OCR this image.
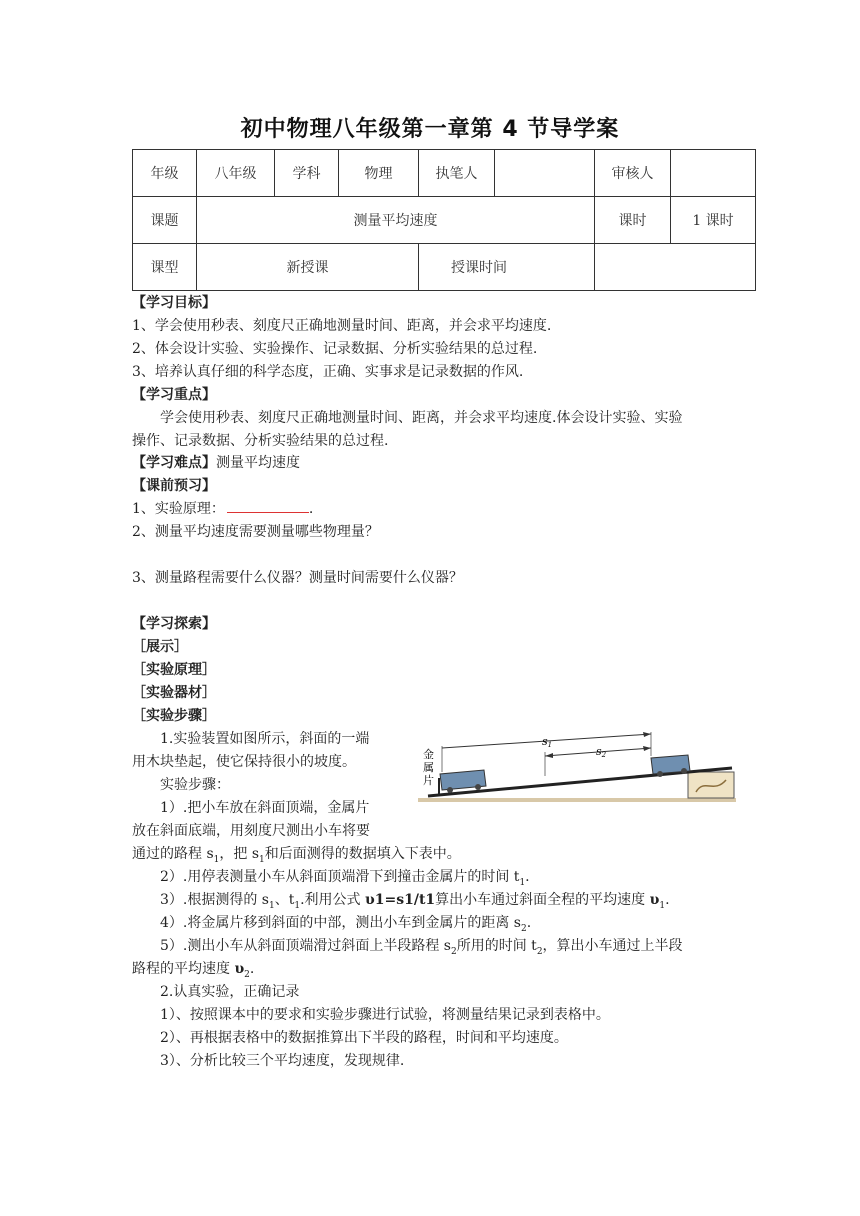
初中物理八年级第一章第 4 节导学案
年级	八年级	学科	物理	执笔人		审核人	
课题	测量平均速度					课时	1 课时
课型	新授课			授课时间			
【学习目标】
1、学会使用秒表、刻度尺正确地测量时间、距离，并会求平均速度.
2、体会设计实验、实验操作、记录数据、分析实验结果的总过程.
3、培养认真仔细的科学态度，正确、实事求是记录数据的作风.
【学习重点】
学会使用秒表、刻度尺正确地测量时间、距离，并会求平均速度.体会设计实验、实验
操作、记录数据、分析实验结果的总过程.
【学习难点】测量平均速度
【课前预习】
1、实验原理：	.
2、测量平均速度需要测量哪些物理量？
3、测量路程需要什么仪器？测量时间需要什么仪器？
【学习探索】
［展示］
［实验原理］
［实验器材］
［实验步骤］
1.实验装置如图所示，斜面的一端
用木块垫起，使它保持很小的坡度。
实验步骤：
1）.把小车放在斜面顶端，金属片
放在斜面底端，用刻度尺测出小车将要
通过的路程 $s_1$，把 $s_1$和后面测得的数据填入下表中。
2）.用停表测量小车从斜面顶端滑下到撞击金属片的时间 $t_1$.
3）.根据测得的 $s_1$、$t_1$.利用公式 υ1=s1/t1算出小车通过斜面全程的平均速度 $\upsilon_1$.
4）.将金属片移到斜面的中部，测出小车到金属片的距离 $s_2$.
5）.测出小车从斜面顶端滑过斜面上半段路程 $s_2$所用的时间 $t_2$，算出小车通过上半段
路程的平均速度 $\upsilon_2$.
2.认真实验，正确记录
1）、按照课本中的要求和实验步骤进行试验，将测量结果记录到表格中。
2）、再根据表格中的数据推算出下半段的路程，时间和平均速度。
3）、分析比较三个平均速度，发现规律.
s1	s2
金
属
片
